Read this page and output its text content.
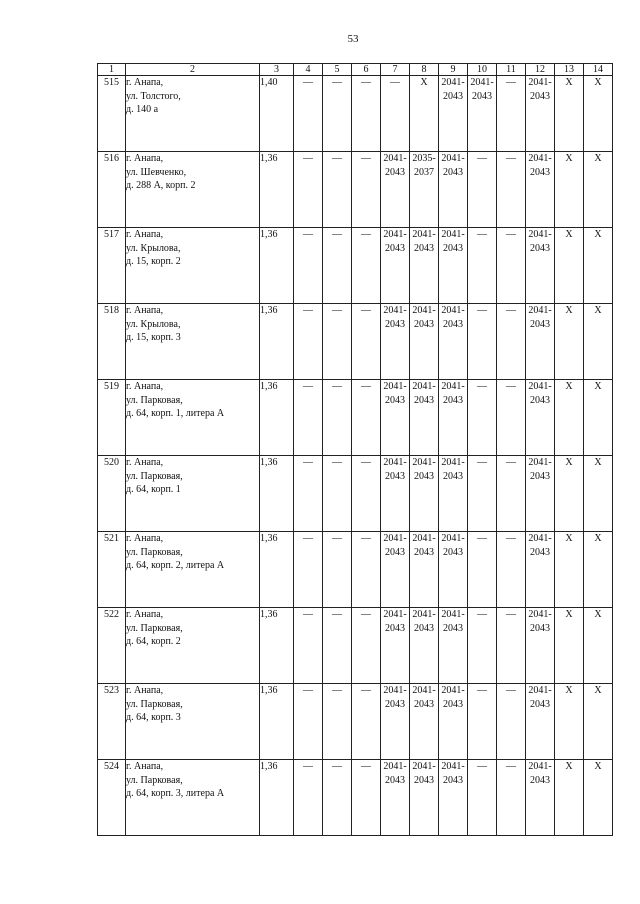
53
1	2	3	4	5	6	7	8	9	10	11	12	13	14
515	г. Анапа,
ул. Толстого,
д. 140 а	1,40	—	—	—	—	Х	2041-
2043	2041-
2043	—	2041-
2043	Х	Х
516	г. Анапа,
ул. Шевченко,
д. 288 А, корп. 2	1,36	—	—	—	2041-
2043	2035-
2037	2041-
2043	—	—	2041-
2043	Х	Х
517	г. Анапа,
ул. Крылова,
д. 15, корп. 2	1,36	—	—	—	2041-
2043	2041-
2043	2041-
2043	—	—	2041-
2043	Х	Х
518	г. Анапа,
ул. Крылова,
д. 15, корп. 3	1,36	—	—	—	2041-
2043	2041-
2043	2041-
2043	—	—	2041-
2043	Х	Х
519	г. Анапа,
ул. Парковая,
д. 64, корп. 1, литера А	1,36	—	—	—	2041-
2043	2041-
2043	2041-
2043	—	—	2041-
2043	Х	Х
520	г. Анапа,
ул. Парковая,
д. 64, корп. 1	1,36	—	—	—	2041-
2043	2041-
2043	2041-
2043	—	—	2041-
2043	Х	Х
521	г. Анапа,
ул. Парковая,
д. 64, корп. 2, литера А	1,36	—	—	—	2041-
2043	2041-
2043	2041-
2043	—	—	2041-
2043	Х	Х
522	г. Анапа,
ул. Парковая,
д. 64, корп. 2	1,36	—	—	—	2041-
2043	2041-
2043	2041-
2043	—	—	2041-
2043	Х	Х
523	г. Анапа,
ул. Парковая,
д. 64, корп. 3	1,36	—	—	—	2041-
2043	2041-
2043	2041-
2043	—	—	2041-
2043	Х	Х
524	г. Анапа,
ул. Парковая,
д. 64, корп. 3, литера А	1,36	—	—	—	2041-
2043	2041-
2043	2041-
2043	—	—	2041-
2043	Х	Х
